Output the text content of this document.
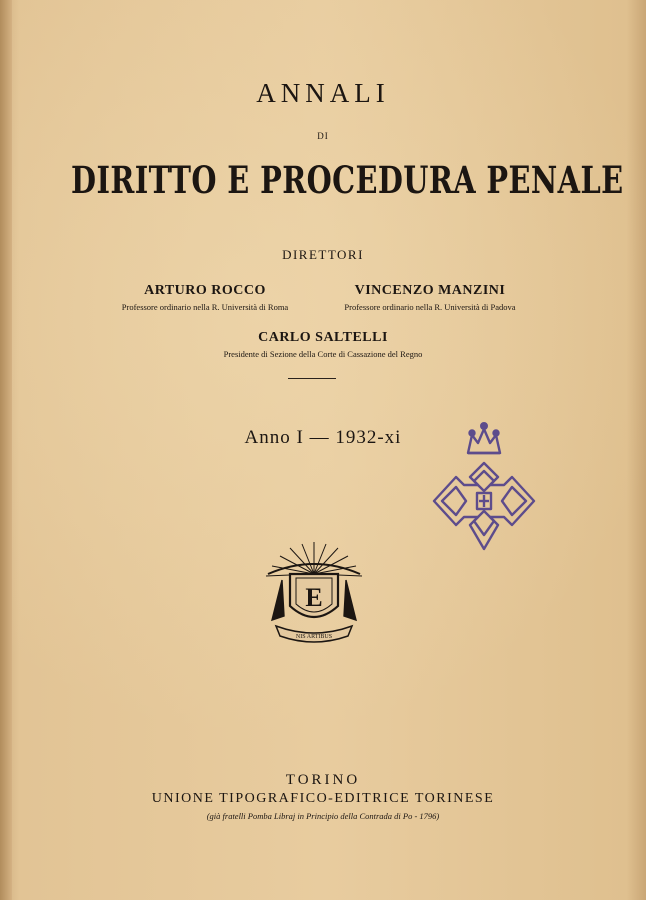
ANNALI
DI
DIRITTO E PROCEDURA PENALE
DIRETTORI
ARTURO ROCCO
Professore ordinario nella R. Università di Roma
VINCENZO MANZINI
Professore ordinario nella R. Università di Padova
CARLO SALTELLI
Presidente di Sezione della Corte di Cassazione del Regno
Anno I — 1932-xi
E
NIS ARTIBUS
TORINO
UNIONE TIPOGRAFICO-EDITRICE TORINESE
(già fratelli Pomba Libraj in Principio della Contrada di Po - 1796)
